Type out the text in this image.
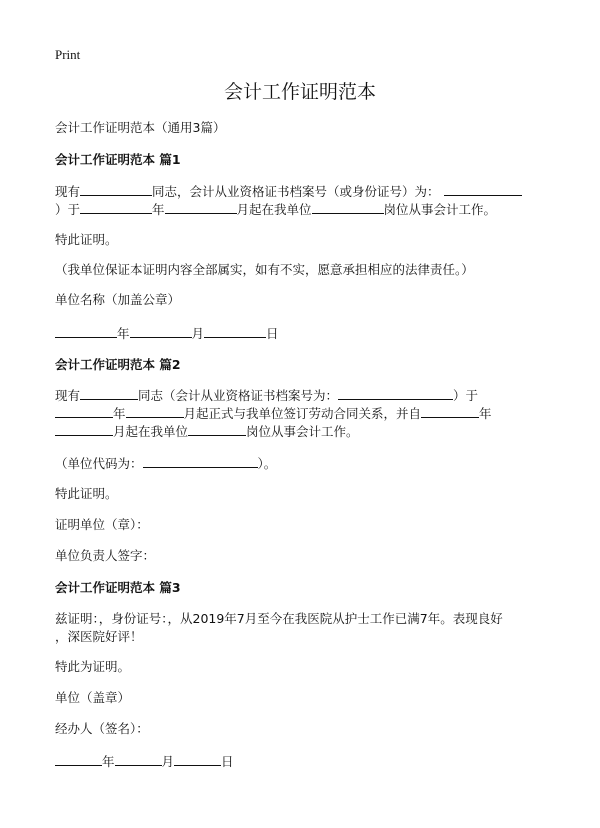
Print
会计工作证明范本
会计工作证明范本（通用3篇）
会计工作证明范本 篇1
现有	同志，会计从业资格证书档案号（或身份证号）为：
）于	年	月起在我单位	岗位从事会计工作。
特此证明。
（我单位保证本证明内容全部属实，如有不实，愿意承担相应的法律责任。）
单位名称（加盖公章）
年	月	日
会计工作证明范本 篇2
现有	同志（会计从业资格证书档案号为：	）于
年	月起正式与我单位签订劳动合同关系，并自	年
月起在我单位	岗位从事会计工作。
（单位代码为：	）。
特此证明。
证明单位（章）：
单位负责人签字：
会计工作证明范本 篇3
兹证明：，身份证号：，从2019年7月至今在我医院从护士工作已满7年。表现良好
，深医院好评！
特此为证明。
单位（盖章）
经办人（签名）：
年	月	日
